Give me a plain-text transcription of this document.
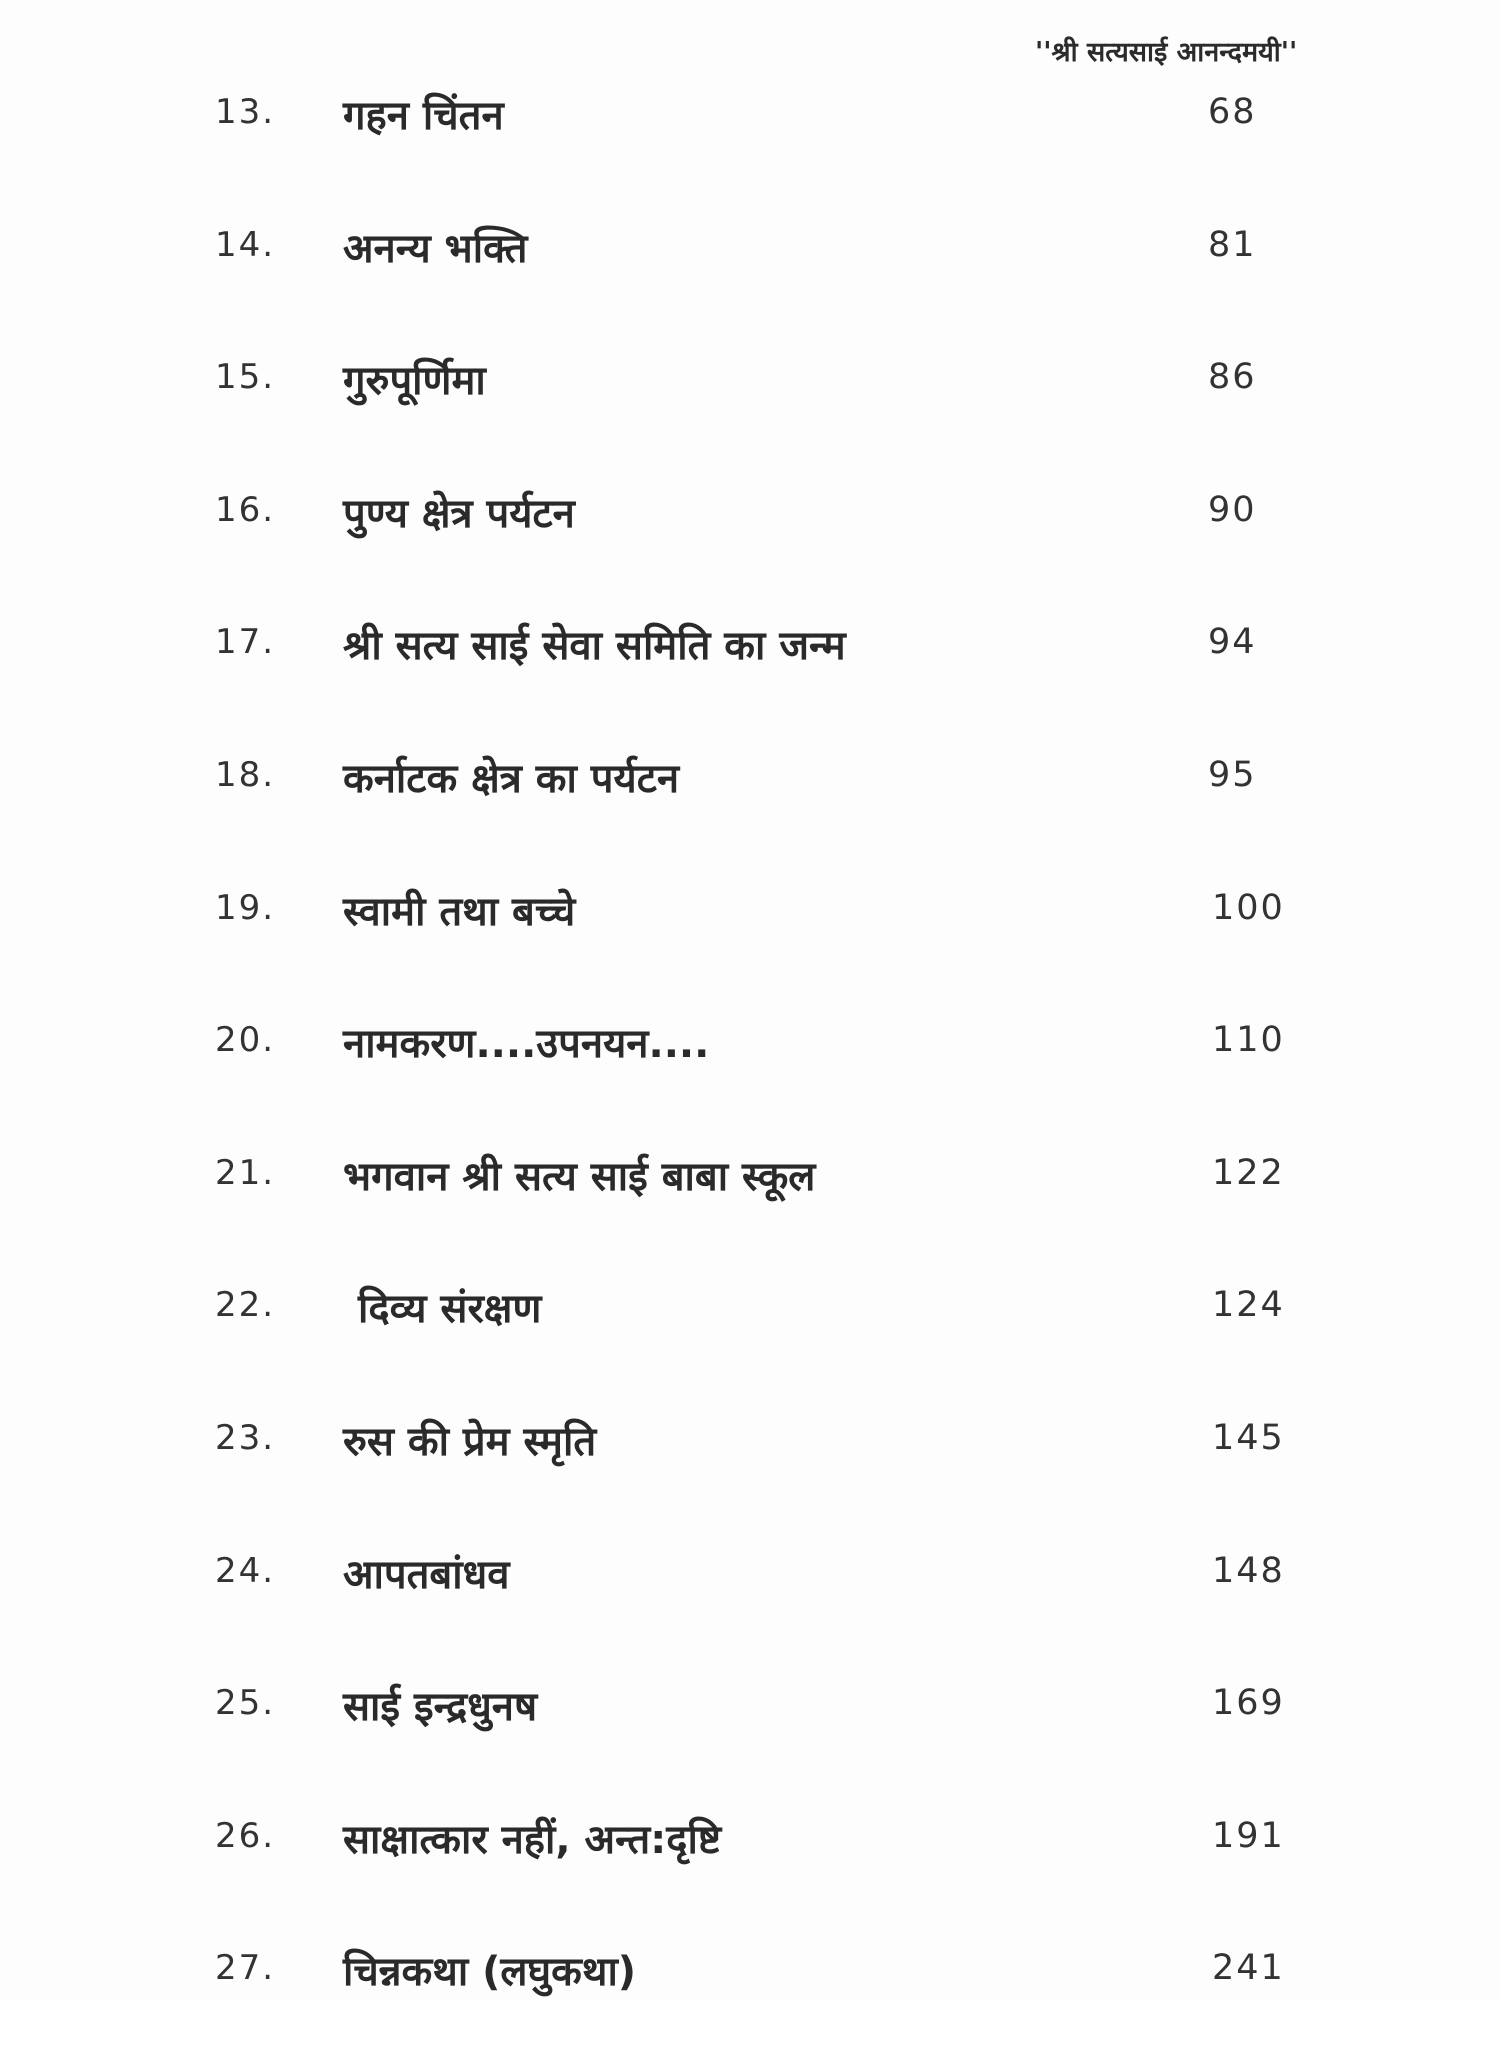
''श्री सत्यसाई आनन्दमयी''
13. गहन चिंतन	68
14. अनन्य भक्ति	81
15. गुरुपूर्णिमा	86
16. पुण्य क्षेत्र पर्यटन	90
17. श्री सत्य साई सेवा समिति का जन्म	94
18. कर्नाटक क्षेत्र का पर्यटन	95
19. स्वामी तथा बच्चे	100
20. नामकरण....उपनयन....	110
21. भगवान श्री सत्य साई बाबा स्कूल	122
22. दिव्य संरक्षण	124
23. रुस की प्रेम स्मृति	145
24. आपतबांधव	148
25. साई इन्द्रधुनष	169
26. साक्षात्कार नहीं, अन्त:दृष्टि	191
27. चिन्नकथा (लघुकथा)	241
